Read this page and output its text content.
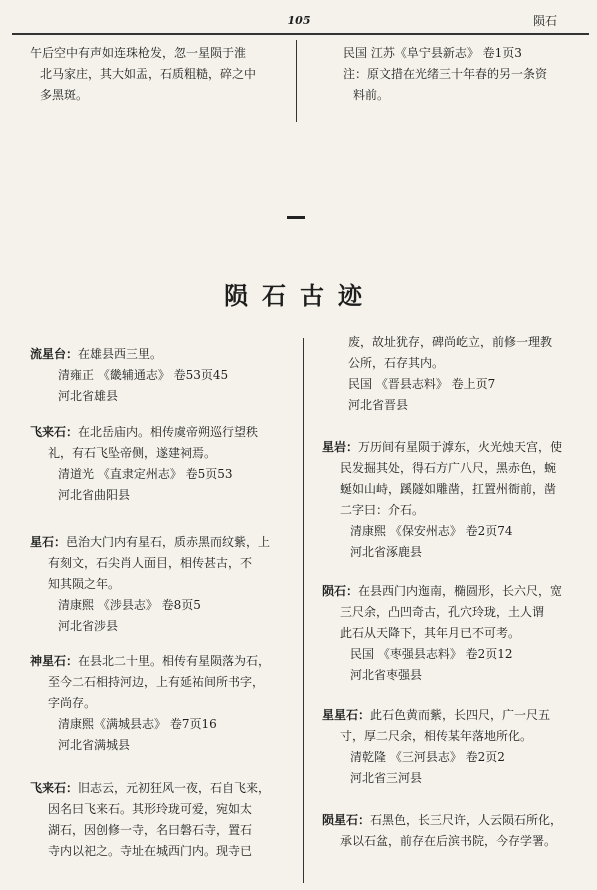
105	陨石

午后空中有声如连珠枪发，忽一星陨于淮

北马家庄，其大如盂，石质粗糙，碎之中

多黑斑。

民国 江苏《阜宁县新志》 卷1页3

注：原文措在光绪三十年春的另一条资

料前。

陨石古迹

流星台：在雄县西三里。

清雍正 《畿辅通志》 卷53页45

河北省雄县

飞来石：在北岳庙内。相传虞帝朔巡行望秩

礼，有石飞坠帝侧，遂建祠焉。

清道光 《直隶定州志》 卷5页53

河北省曲阳县

星石：邑治大门内有星石，质赤黑而纹紫，上

有刻文，石尖肖人面目，相传甚古，不

知其陨之年。

清康熙 《涉县志》 卷8页5

河北省涉县

神星石：在县北二十里。相传有星陨落为石，

至今二石相持河边，上有延祐间所书字，

字尚存。

清康熙《满城县志》 卷7页16

河北省满城县

飞来石：旧志云，元初狂风一夜，石自飞来，

因名曰飞来石。其形玲珑可爱，宛如太

湖石，因创修一寺，名曰磐石寺，置石

寺内以祀之。寺址在城西门内。现寺已

废，故址犹存，碑尚屹立，前修一理教

公所，石存其内。

民国 《晋县志料》 卷上页7

河北省晋县

星岩：万历间有星陨于滹东，火光烛天宫，使

民发掘其处，得石方广八尺，黑赤色，蜿

蜒如山峙，蹊隧如雕凿，扛置州衙前，凿

二字曰：介石。

清康熙 《保安州志》 卷2页74

河北省涿鹿县

陨石：在县西门内迤南，椭圆形，长六尺，宽

三尺余，凸凹奇古，孔穴玲珑，土人谓

此石从天降下，其年月已不可考。

民国 《枣强县志料》 卷2页12

河北省枣强县

星星石：此石色黄而紫，长四尺，广一尺五

寸，厚二尺余，相传某年落地所化。

清乾隆 《三河县志》 卷2页2

河北省三河县

陨星石：石黑色，长三尺许，人云陨石所化，

承以石盆，前存在后滨书院，今存学署。
